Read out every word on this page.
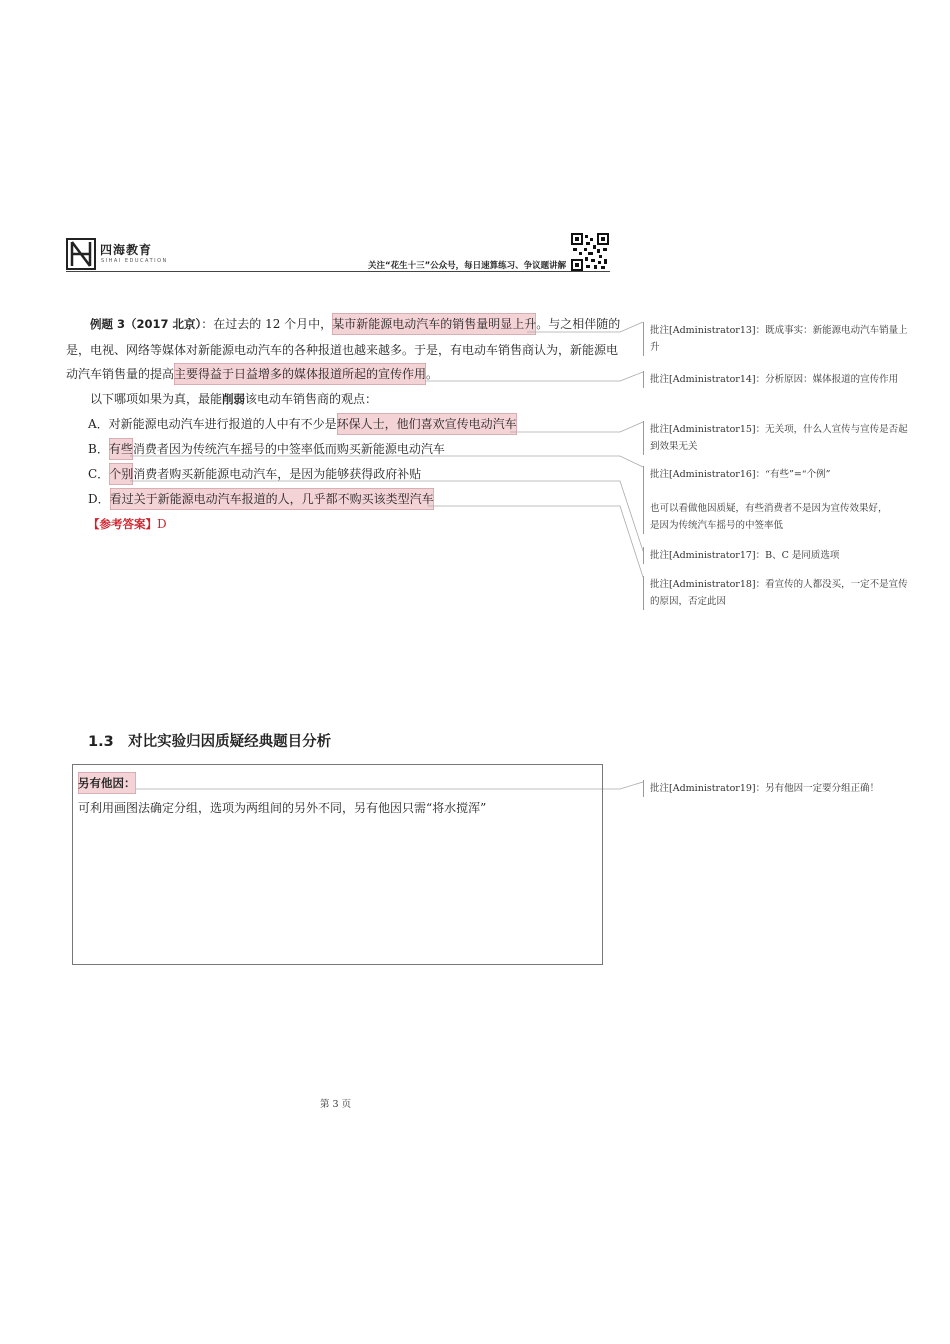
四海教育
SIHAI EDUCATION	关注“花生十三”公众号，每日速算练习、争议题讲解
例题 3（2017 北京）：在过去的 12 个月中，某市新能源电动汽车的销售量明显上升。与之相伴随的
是，电视、网络等媒体对新能源电动汽车的各种报道也越来越多。于是，有电动车销售商认为，新能源电
动汽车销售量的提高主要得益于日益增多的媒体报道所起的宣传作用。
以下哪项如果为真，最能削弱该电动车销售商的观点：
A．对新能源电动汽车进行报道的人中有不少是环保人士，他们喜欢宣传电动汽车
B．有些消费者因为传统汽车摇号的中签率低而购买新能源电动汽车
C．个别消费者购买新能源电动汽车，是因为能够获得政府补贴
D．看过关于新能源电动汽车报道的人，几乎都不购买该类型汽车
【参考答案】D
批注[Administrator13]：既成事实：新能源电动汽车销量上
升
批注[Administrator14]：分析原因：媒体报道的宣传作用
批注[Administrator15]：无关项，什么人宣传与宣传是否起
到效果无关
批注[Administrator16]：“有些”=“个例”
也可以看做他因质疑，有些消费者不是因为宣传效果好，
是因为传统汽车摇号的中签率低
批注[Administrator17]：B、C 是同质选项
批注[Administrator18]：看宣传的人都没买，一定不是宣传
的原因，否定此因
批注[Administrator19]：另有他因一定要分组正确！
1.3　对比实验归因质疑经典题目分析
另有他因：
可利用画图法确定分组，选项为两组间的另外不同，另有他因只需“将水搅浑”
第 3 页
